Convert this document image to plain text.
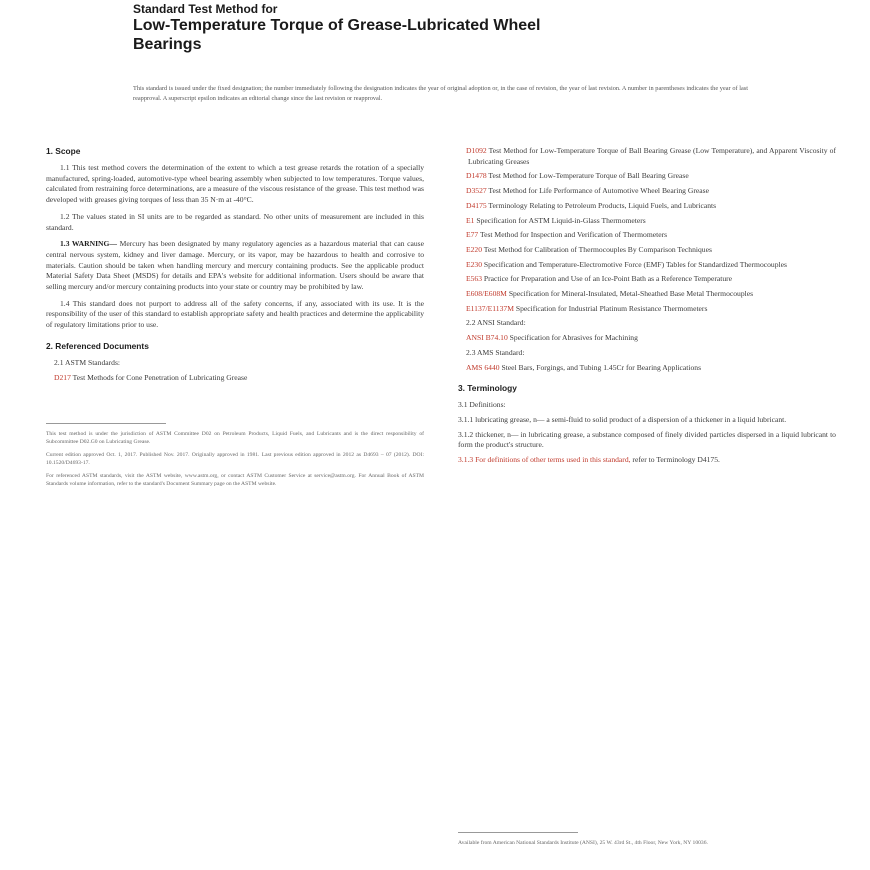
Standard Test Method for
Low-Temperature Torque of Grease-Lubricated Wheel
Bearings
This standard is issued under the fixed designation; the number immediately following the designation indicates the year of original adoption or, in the case of revision, the year of last revision. A number in parentheses indicates the year of last reapproval. A superscript epsilon indicates an editorial change since the last revision or reapproval.
1. Scope

1.1 This test method covers the determination of the extent to which a test grease retards the rotation of a specially manufactured, spring-loaded, automotive-type wheel bearing assembly when subjected to low temperatures. Torque values, calculated from restraining force determinations, are a measure of the viscous resistance of the grease. This test method was developed with greases giving torques of less than 35 N·m at -40°C.

1.2 The values stated in SI units are to be regarded as standard. No other units of measurement are included in this standard.

1.3 WARNING— Mercury has been designated by many regulatory agencies as a hazardous material that can cause central nervous system, kidney and liver damage. Mercury, or its vapor, may be hazardous to health and corrosive to materials. Caution should be taken when handling mercury and mercury containing products. See the applicable product Material Safety Data Sheet (MSDS) for details and EPA's website for additional information. Users should be aware that selling mercury and/or mercury containing products into your state or country may be prohibited by law.

1.4 This standard does not purport to address all of the safety concerns, if any, associated with its use. It is the responsibility of the user of this standard to establish appropriate safety and health practices and determine the applicability of regulatory limitations prior to use.

2. Referenced Documents
2.1 ASTM Standards:
D217 Test Methods for Cone Penetration of Lubricating Grease
This test method is under the jurisdiction of ASTM Committee D02 on Petroleum Products, Liquid Fuels, and Lubricants and is the direct responsibility of Subcommittee D02.G0 on Lubricating Grease.
Current edition approved Oct. 1, 2017. Published Nov. 2017. Originally approved in 1981. Last previous edition approved in 2012 as D4693 – 07 (2012). DOI: 10.1520/D4693-17.
For referenced ASTM standards, visit the ASTM website, www.astm.org, or contact ASTM Customer Service at service@astm.org. For Annual Book of ASTM Standards volume information, refer to the standard's Document Summary page on the ASTM website.
D1092 Test Method for Low-Temperature Torque of Ball Bearing Grease (Low Temperature), and Apparent Viscosity of Lubricating Greases
D1478 Test Method for Low-Temperature Torque of Ball Bearing Grease
D3527 Test Method for Life Performance of Automotive Wheel Bearing Grease
D4175 Terminology Relating to Petroleum Products, Liquid Fuels, and Lubricants
E1 Specification for ASTM Liquid-in-Glass Thermometers
E77 Test Method for Inspection and Verification of Thermometers
E220 Test Method for Calibration of Thermocouples By Comparison Techniques
E230 Specification and Temperature-Electromotive Force (EMF) Tables for Standardized Thermocouples
E563 Practice for Preparation and Use of an Ice-Point Bath as a Reference Temperature
E608/E608M Specification for Mineral-Insulated, Metal-Sheathed Base Metal Thermocouples
E1137/E1137M Specification for Industrial Platinum Resistance Thermometers
2.2 ANSI Standard:
ANSI B74.10 Specification for Abrasives for Machining
2.3 AMS Standard:
AMS 6440 Steel Bars, Forgings, and Tubing 1.45Cr for Bearing Applications
3. Terminology
3.1 Definitions:
3.1.1 lubricating grease, n— a semi-fluid to solid product of a dispersion of a thickener in a liquid lubricant.
3.1.2 thickener, n— in lubricating grease, a substance composed of finely divided particles dispersed in a liquid lubricant to form the product's structure.
3.1.3 For definitions of other terms used in this standard, refer to Terminology D4175.
Available from American National Standards Institute (ANSI), 25 W. 43rd St., 4th Floor, New York, NY 10036.
